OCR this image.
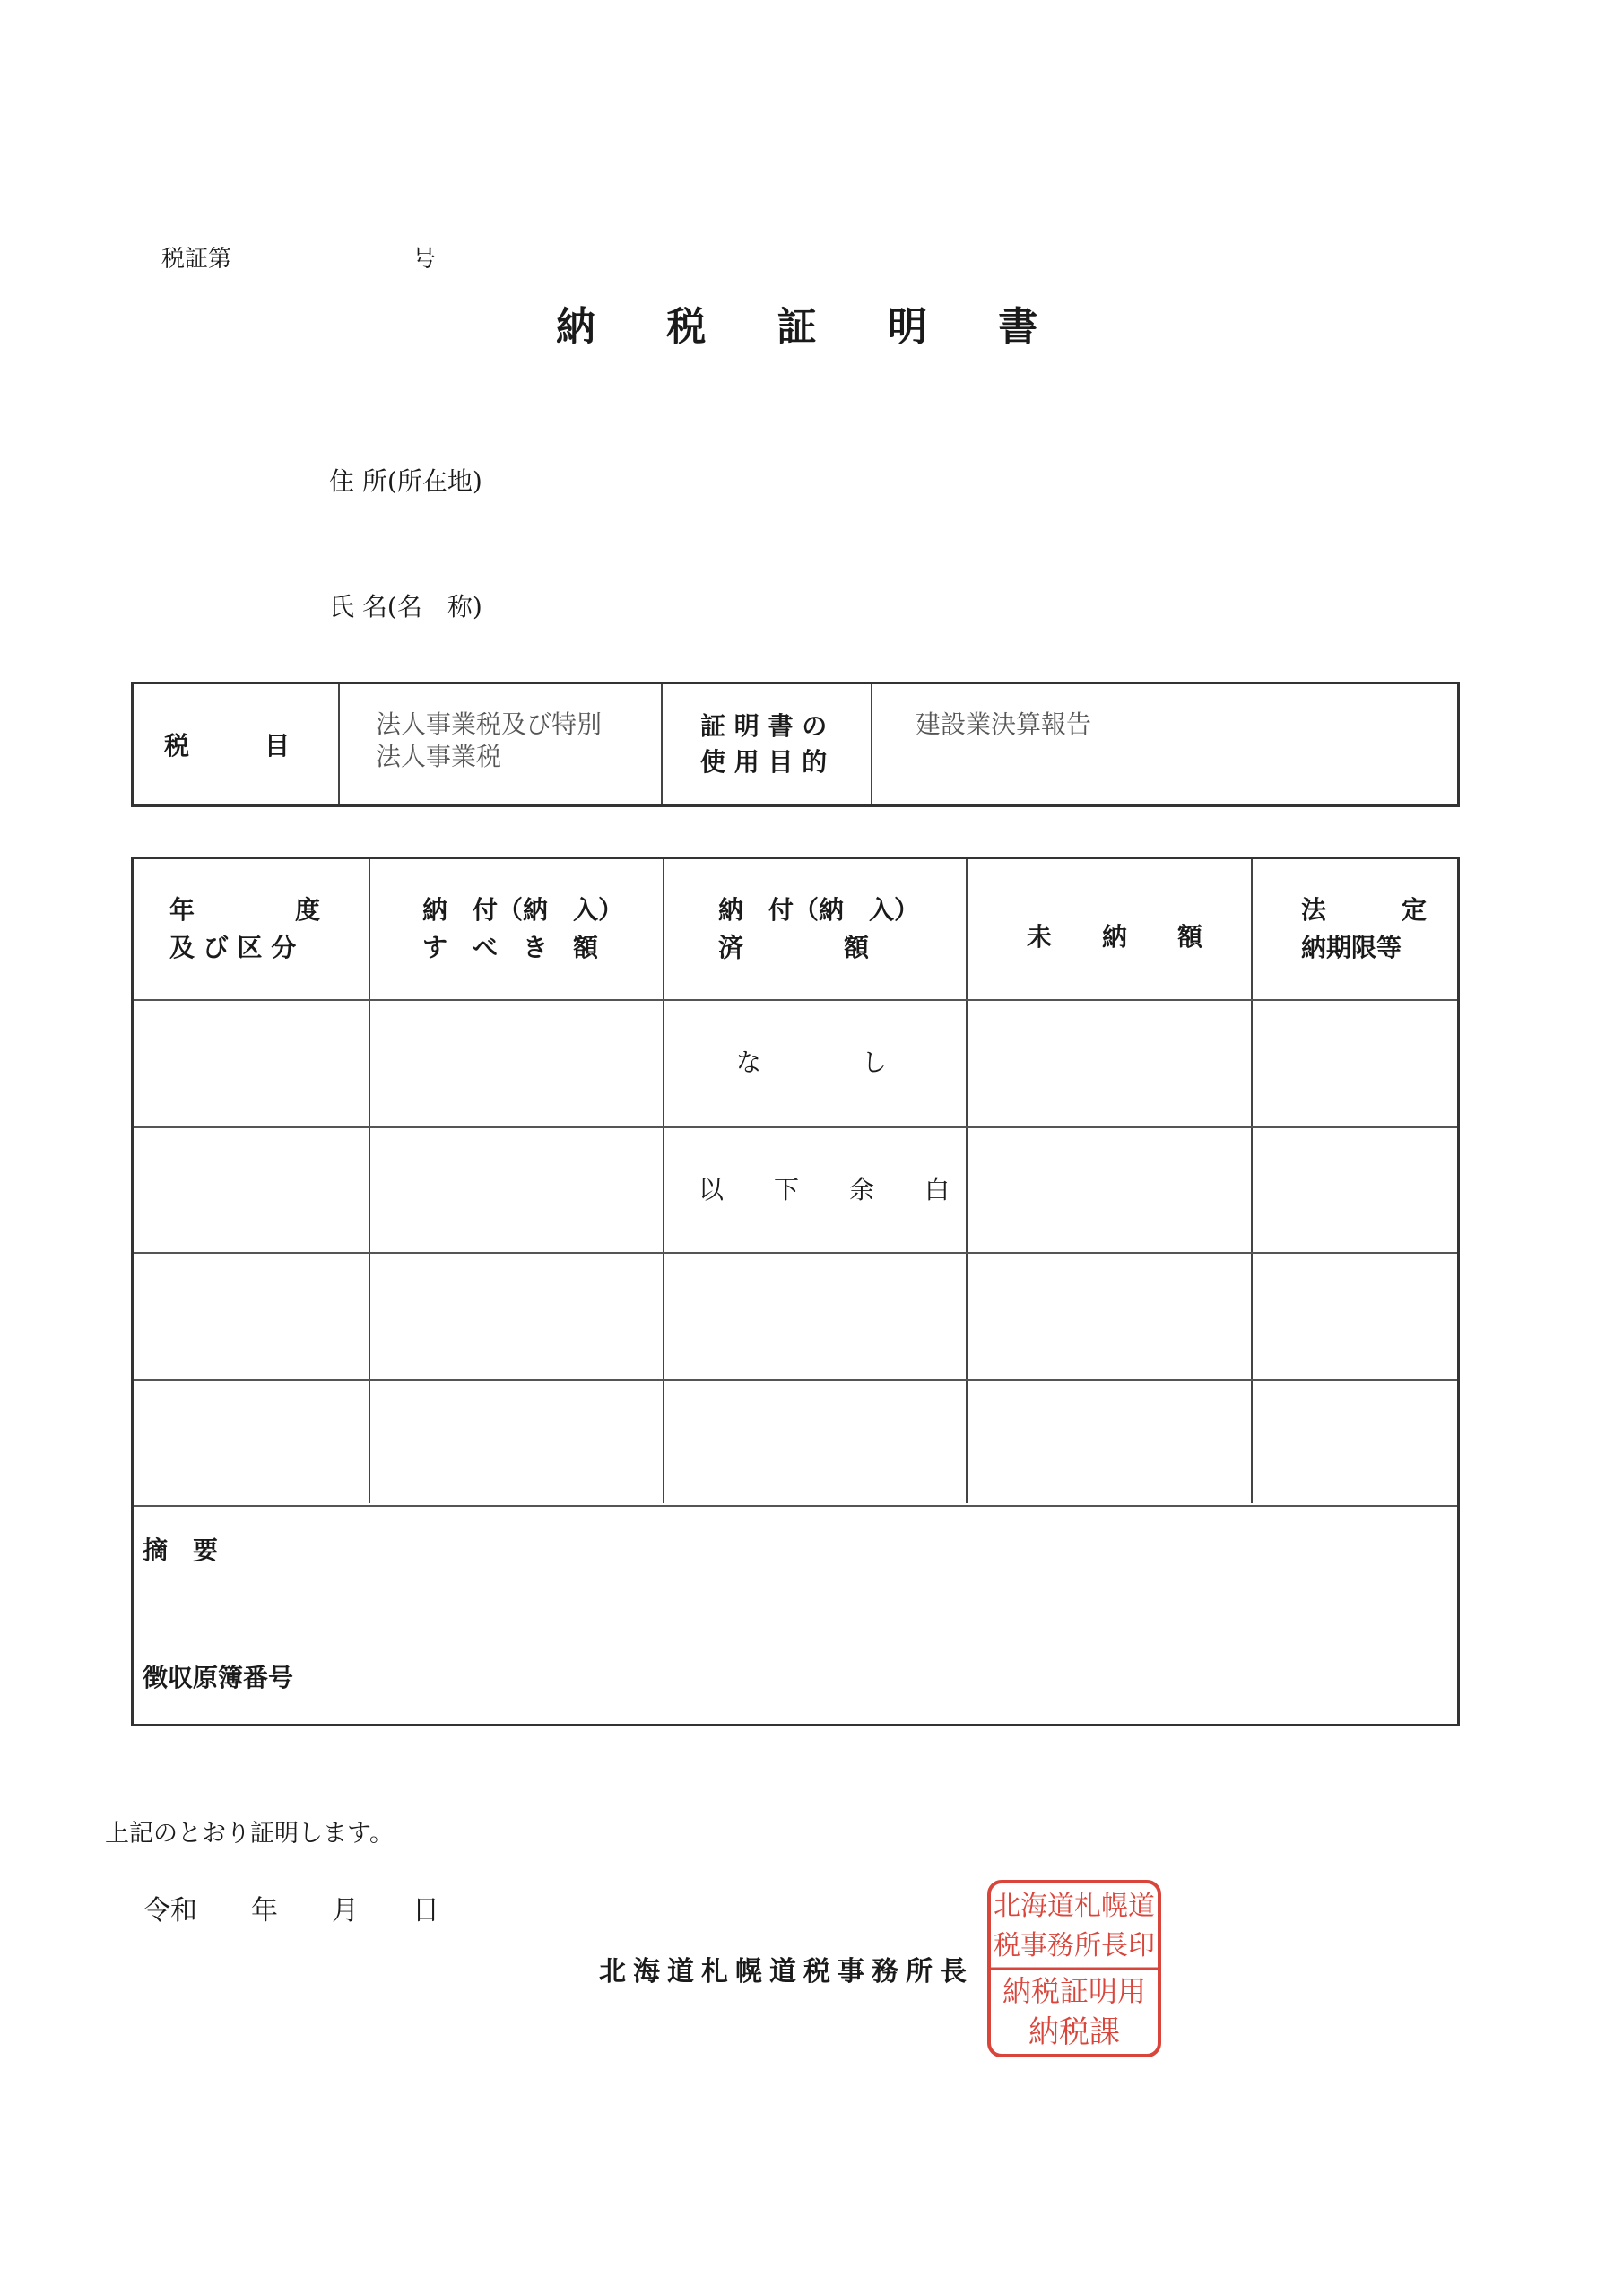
税証第	号
納 税 証 明 書
住 所(所在地)
氏 名(名　称)
税　　　目
法人事業税及び特別
法人事業税
証 明 書 の
使 用 目 的
建設業決算報告
年　　　　度
及 び 区 分
納　付（納　入）
す　べ　き　額
納　付（納　入）
済　　　　額	未　　納　　額
法　　　定
納期限等
な　　　　し
以　　下　　余　　白
摘　要
徴収原簿番号
上記のとおり証明します。
令和　　年　　月　　日
北海道札幌道税事務所長
北海道札幌道
税事務所長印
納税証明用
納税課
